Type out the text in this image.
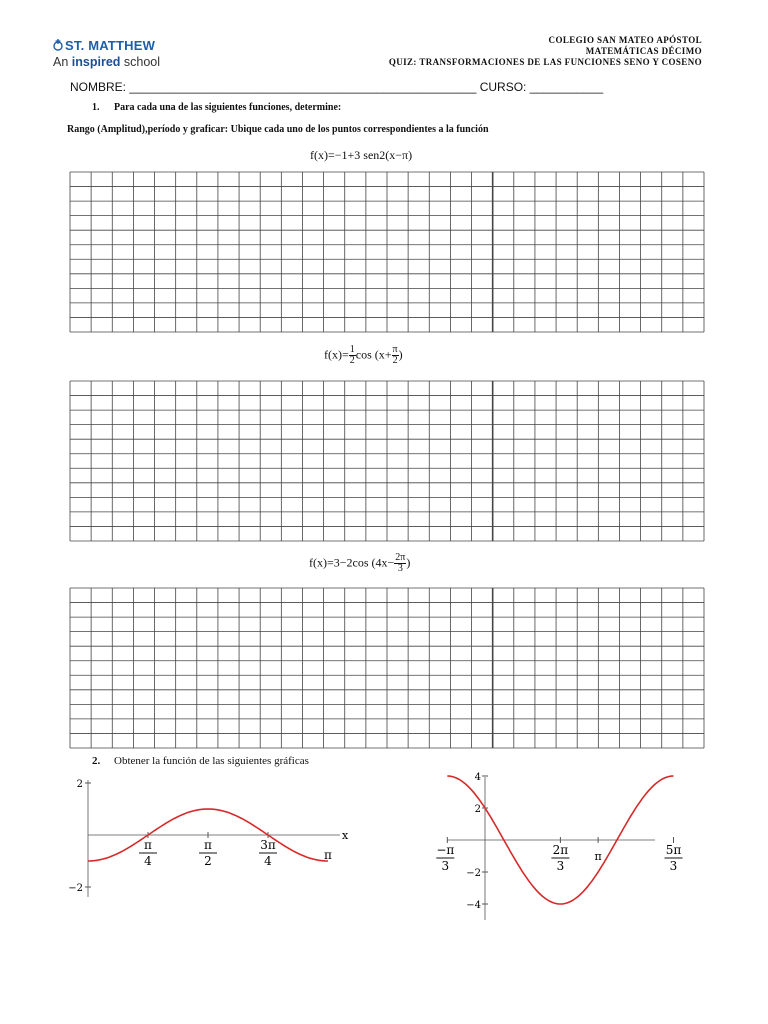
ST. MATTHEW
An inspired school
COLEGIO SAN MATEO APÓSTOL
MATEMÁTICAS DÉCIMO
QUIZ: TRANSFORMACIONES DE LAS FUNCIONES SENO Y COSENO
NOMBRE: ____________________________________________________ CURSO: ___________
1. Para cada una de las siguientes funciones, determine:
Rango (Amplitud),período y graficar: Ubique cada uno de los puntos correspondientes a la función
f(x)=−1+3 sen2(x−π)
$f(x)= \frac{1}{2}$ $\cos (x+ \frac{\pi}{2}$ )
f(x)=3−2cos ($4x- \frac{2\pi}{3}$ )
2. Obtener la función de las siguientes gráficas
x
2
−2
π
4
π
2
3π
4	π
4
2
−2
−4
−π
3
2π
3
π	5π
3
